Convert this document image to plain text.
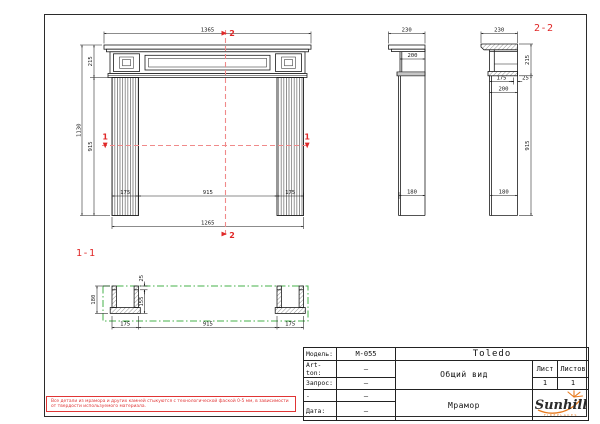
1365
1130
215
915
175	915	175
1265
2
2
1	1
230
200
180
2-2
230
215
915
175	25
200
180
1-1
180
25
155
175	915	175
Все детали из мрамора и других камней стыкуются с технологической фаской 0-5 мм, в зависимости от твердости используемого материала.
Модель:	M-055	Toledo		
Art-ton:	–	Общий вид	Лист	Листов
Запрос:	–		1	1
-	–	Мрамор	Sunhill
FIREPLACES	

Дата:	–			
